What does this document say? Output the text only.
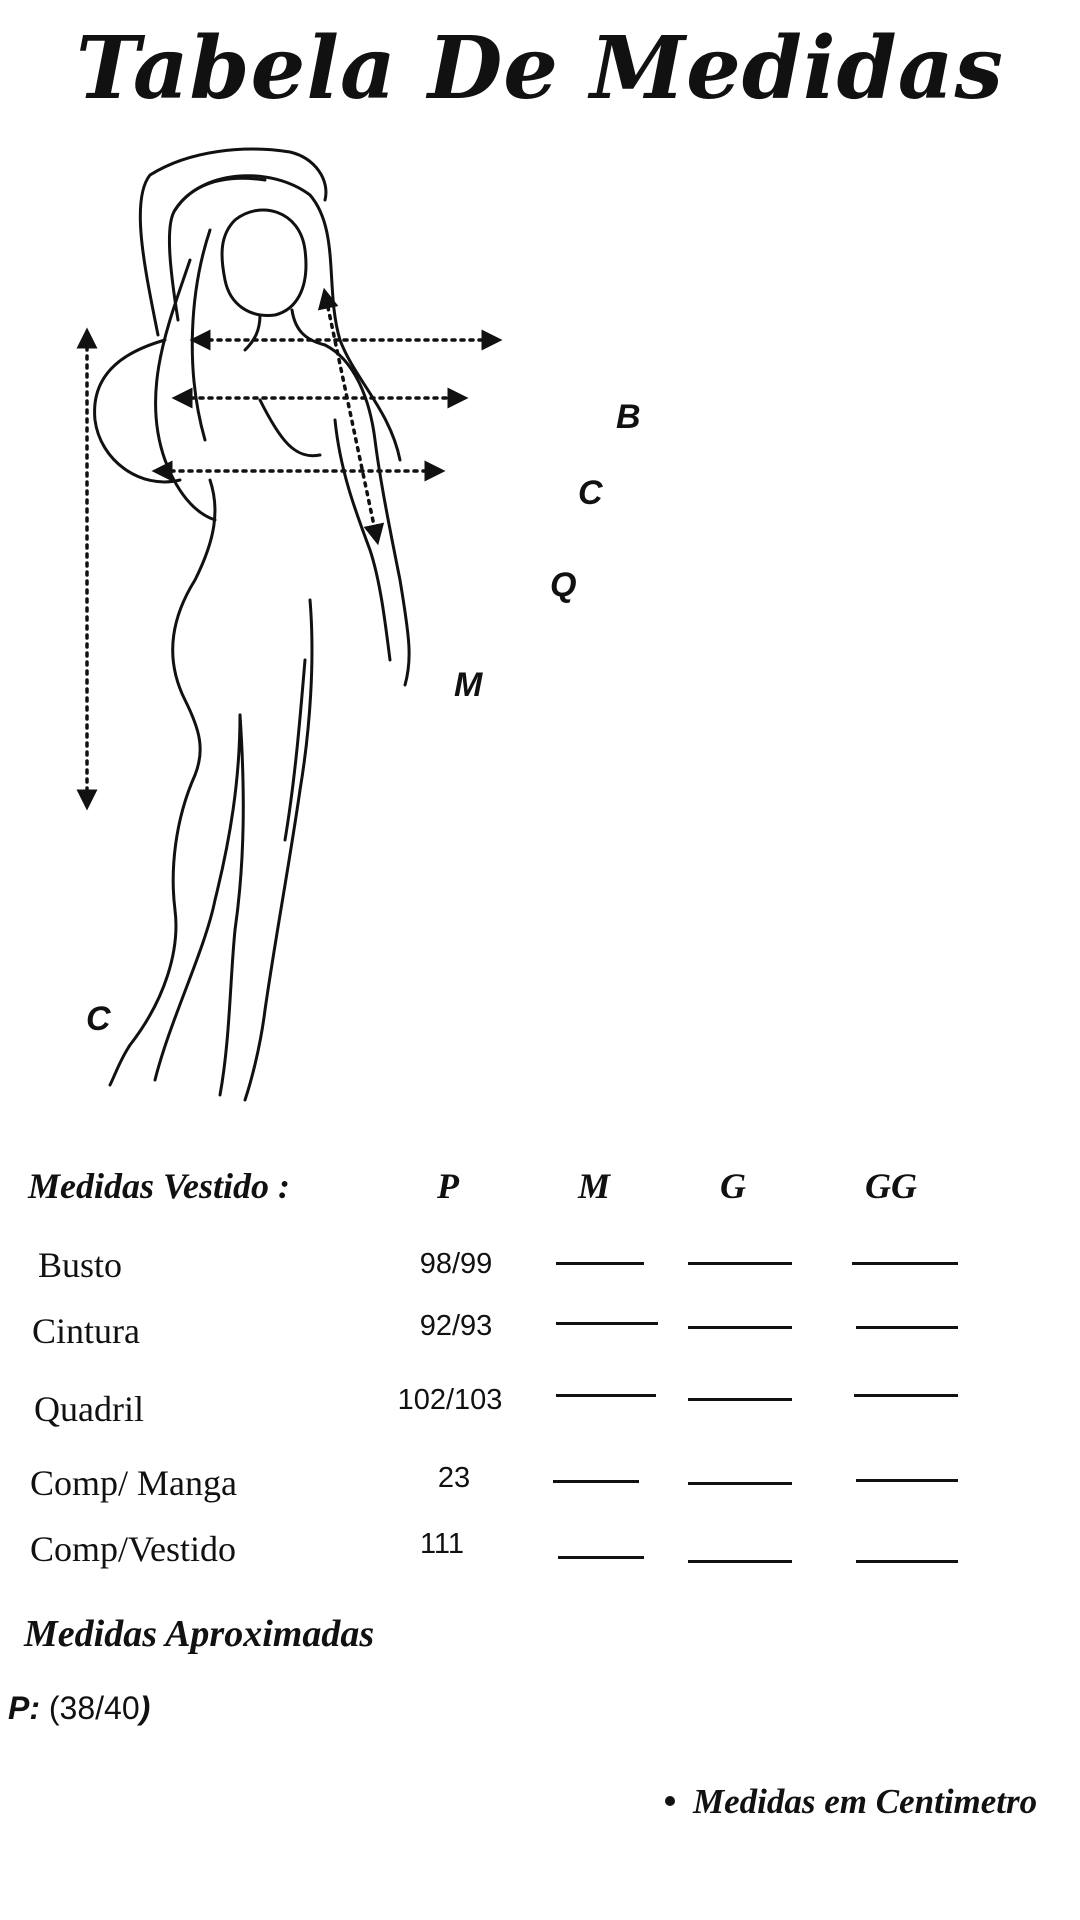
Tabela De Medidas
B
C
Q
M
C
Medidas Vestido :	P	M	G	GG
Busto	98/99
Cintura	92/93
Quadril	102/103
Comp/ Manga	23
Comp/Vestido	111
Medidas Aproximadas
P: (38/40)
Medidas em Centimetro
